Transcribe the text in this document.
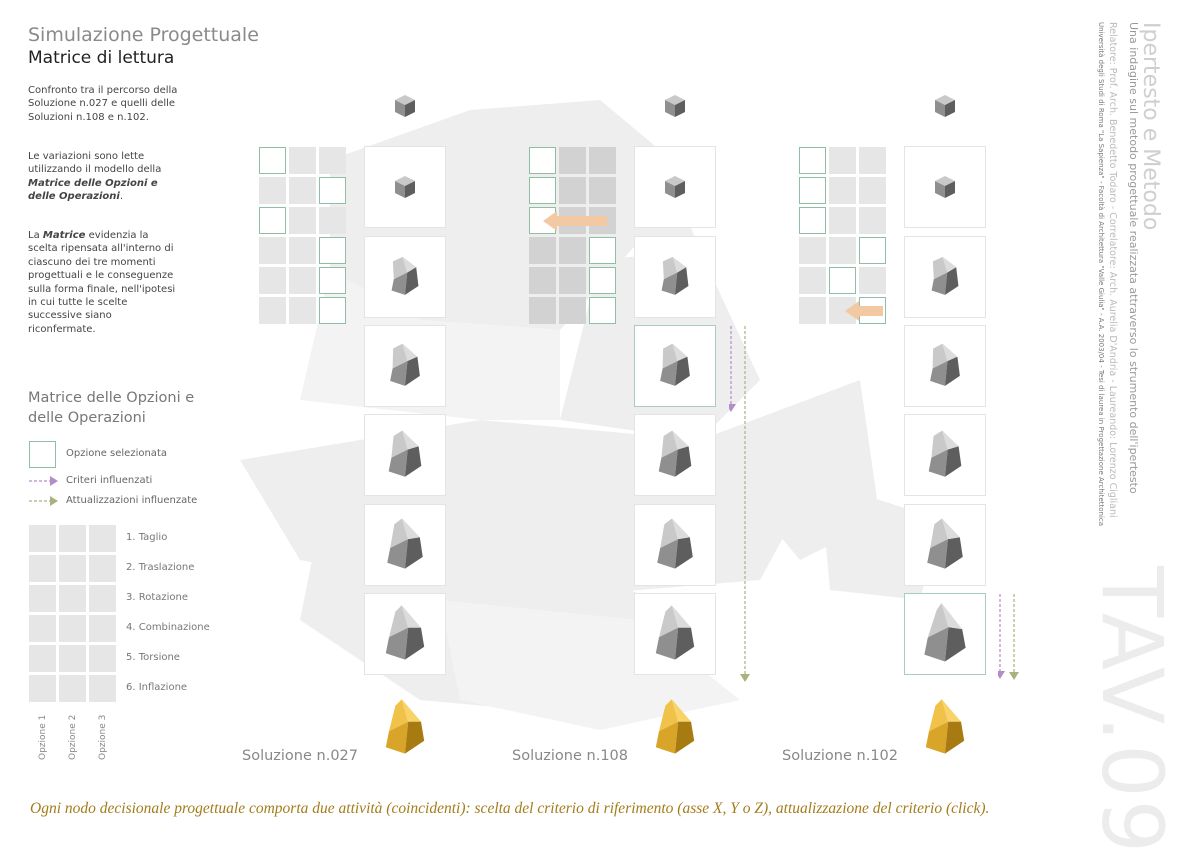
Simulazione Progettuale
Matrice di lettura

Confronto tra il percorso della Soluzione n.027 e quelli delle Soluzioni n.108 e n.102.

Le variazioni sono lette utilizzando il modello della Matrice delle Opzioni e delle Operazioni.

La Matrice evidenzia la scelta ripensata all'interno di ciascuno dei tre momenti progettuali e le conseguenze sulla forma finale, nell'ipotesi in cui tutte le scelte successive siano riconfermate.

Matrice delle Opzioni e delle Operazioni
Opzione selezionata
Criteri influenzati
Attualizzazioni influenzate
1. Taglio
2. Traslazione
3. Rotazione
4. Combinazione
5. Torsione
6. Inflazione
Opzione 1 Opzione 2 Opzione 3	Soluzione n.027	Soluzione n.108	Soluzione n.102
Ogni nodo decisionale progettuale comporta due attività (coincidenti): scelta del criterio di riferimento (asse X, Y o Z), attualizzazione del criterio (click).
Ipertesto e Metodo
Una indagine sul metodo progettuale realizzata attraverso lo strumento dell'ipertesto
Relatore: Prof. Arch. Benedetto Todaro - Correlatore: Arch. Aurelia D'Andria - Laureando: Lorenzo Cigliani
Università degli Studi di Roma "La Sapienza" - Facoltà di Architettura "Valle Giulia" - A.A. 2003/04 - Tesi di laurea in Progettazione Architettonica
TAV.09
